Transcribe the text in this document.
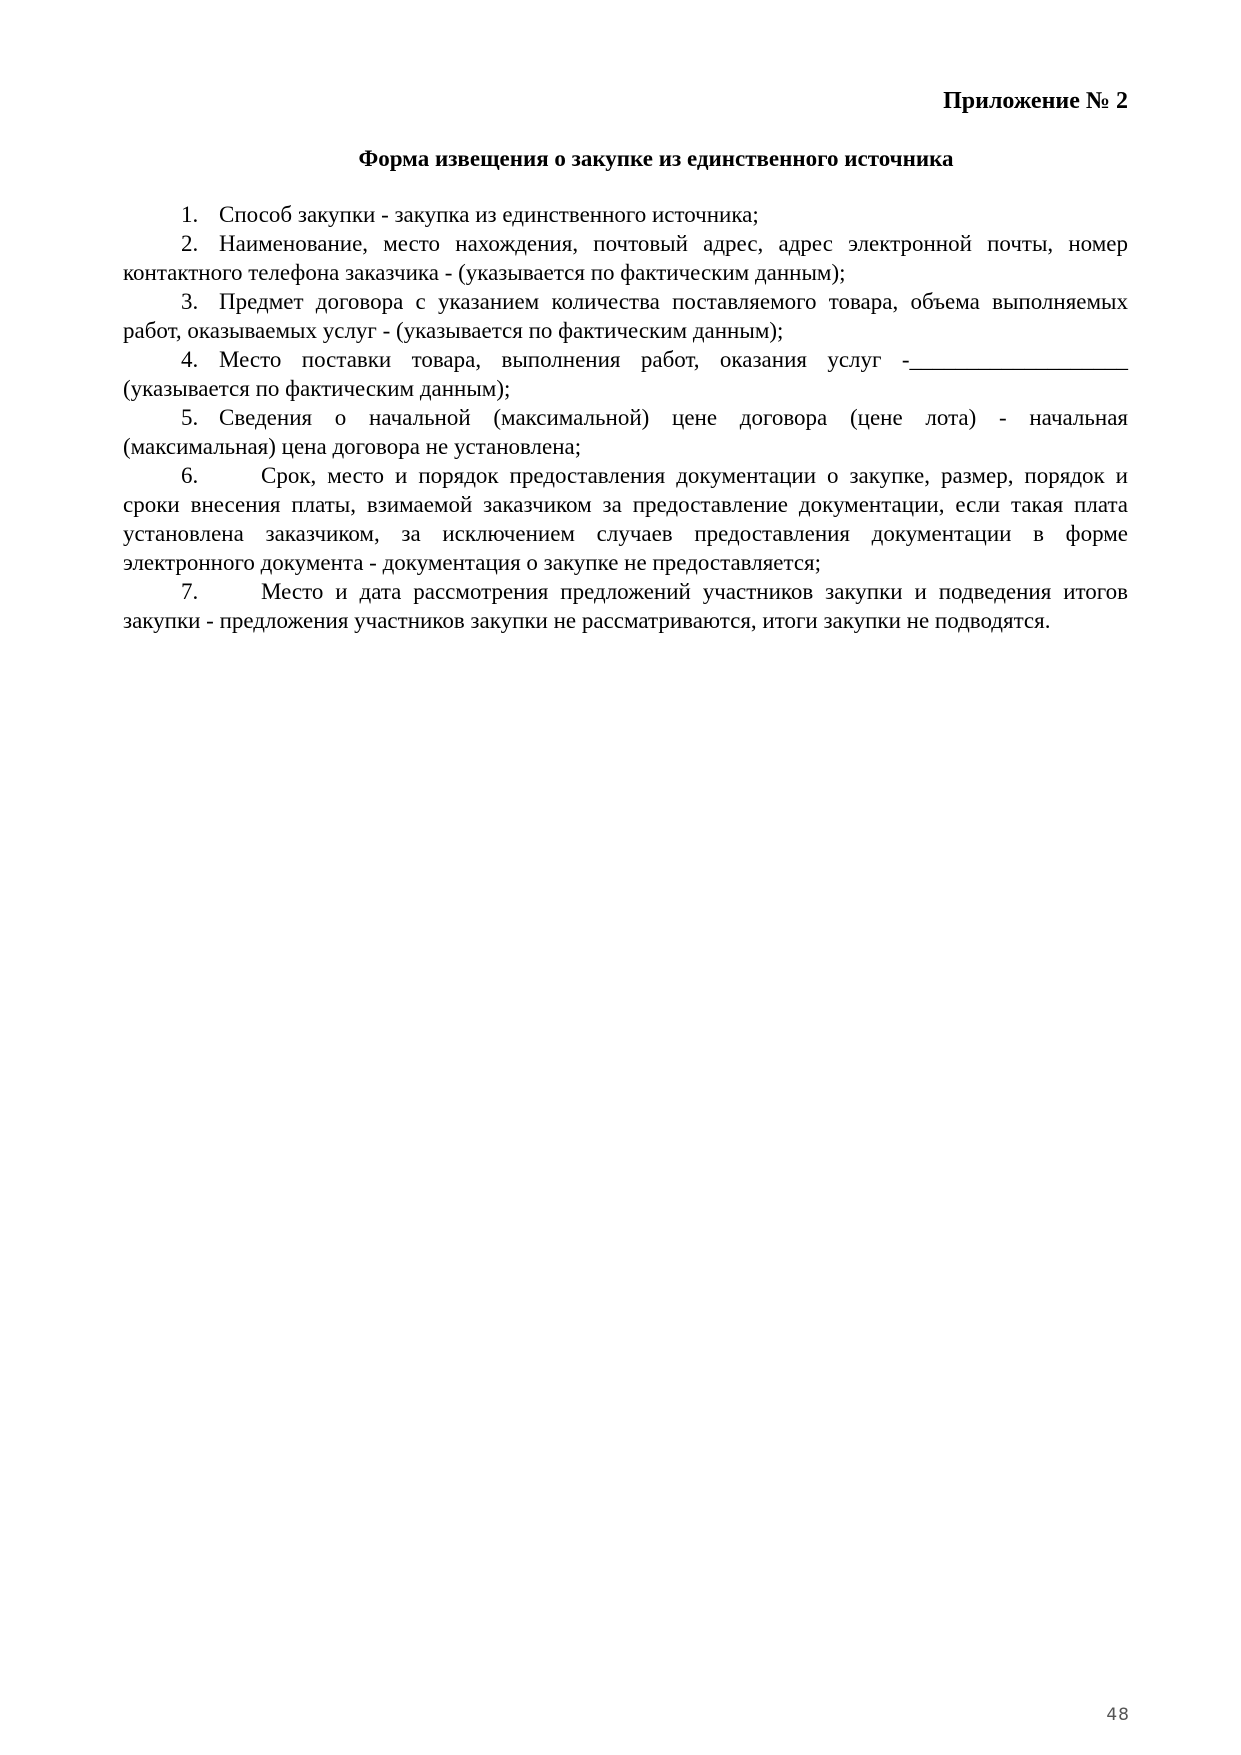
Приложение № 2
Форма извещения о закупке из единственного источника

1. Способ закупки - закупка из единственного источника;

2. Наименование, место нахождения, почтовый адрес, адрес электронной почты, номер контактного телефона заказчика - (указывается по фактическим данным);

3. Предмет договора с указанием количества поставляемого товара, объема выполняемых работ, оказываемых услуг - (указывается по фактическим данным);

4. Место поставки товара, выполнения работ, оказания услуг -___________________ (указывается по фактическим данным);

5. Сведения о начальной (максимальной) цене договора (цене лота) - начальная (максимальная) цена договора не установлена;

6.	Срок, место и порядок предоставления документации о закупке, размер, порядок и сроки внесения платы, взимаемой заказчиком за предоставление документации, если такая плата установлена заказчиком, за исключением случаев предоставления документации в форме электронного документа - документация о закупке не предоставляется;

7.	Место и дата рассмотрения предложений участников закупки и подведения итогов закупки - предложения участников закупки не рассматриваются, итоги закупки не подводятся.

48
